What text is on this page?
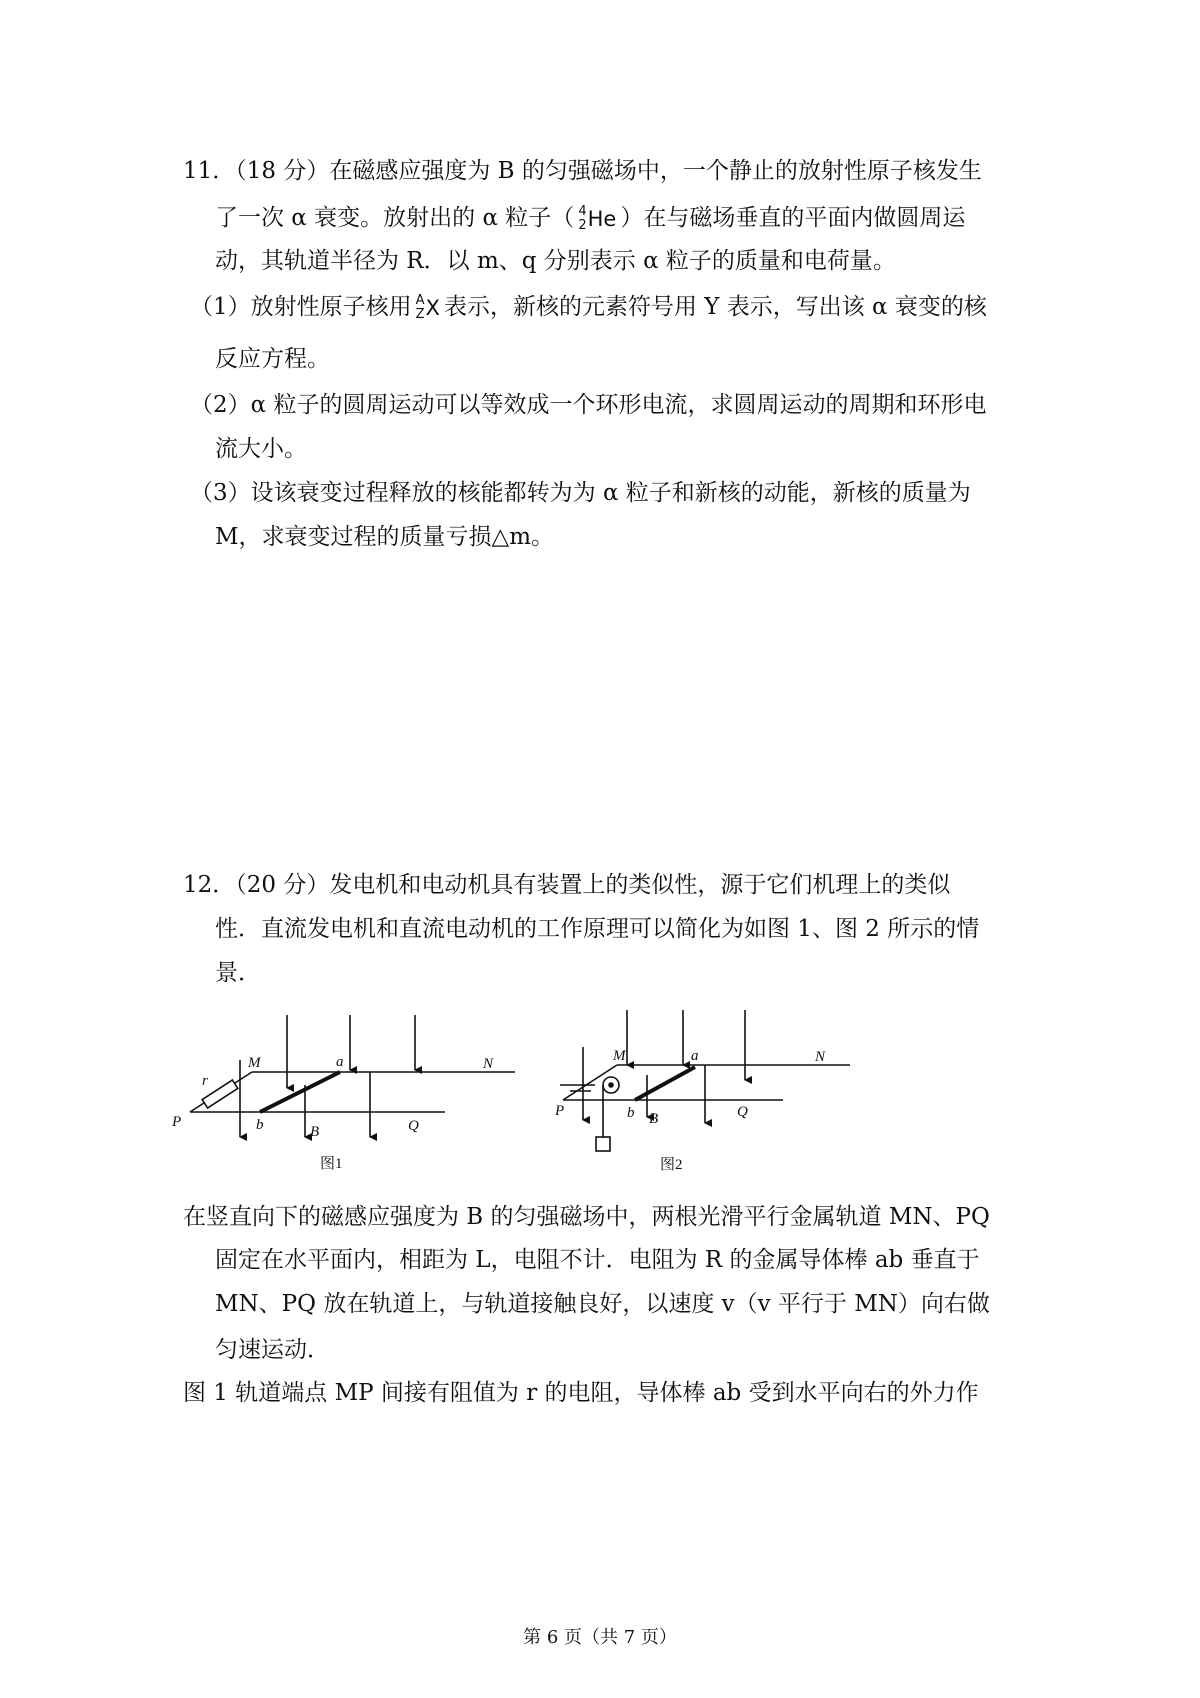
11．（18 分）在磁感应强度为 B 的匀强磁场中，一个静止的放射性原子核发生
了一次 α 衰变。放射出的 α 粒子（ 4
2 He ）在与磁场垂直的平面内做圆周运
动，其轨道半径为 R．以 m、q 分别表示 α 粒子的质量和电荷量。
（1）放射性原子核用 A
Z X 表示，新核的元素符号用 Y 表示，写出该 α 衰变的核
反应方程。
（2）α 粒子的圆周运动可以等效成一个环形电流，求圆周运动的周期和环形电
流大小。
（3）设该衰变过程释放的核能都转为为 α 粒子和新核的动能，新核的质量为
M，求衰变过程的质量亏损△m。
12．（20 分）发电机和电动机具有装置上的类似性，源于它们机理上的类似
性．直流发电机和直流电动机的工作原理可以简化为如图 1、图 2 所示的情
景．
M	N
P	Q
a
b	B
r
图1
M	N
P	Q
a
b B
图2
在竖直向下的磁感应强度为 B 的匀强磁场中，两根光滑平行金属轨道 MN、PQ
固定在水平面内，相距为 L，电阻不计．电阻为 R 的金属导体棒 ab 垂直于
MN、PQ 放在轨道上，与轨道接触良好，以速度 v（v 平行于 MN）向右做
匀速运动．
图 1 轨道端点 MP 间接有阻值为 r 的电阻，导体棒 ab 受到水平向右的外力作
第 6 页（共 7 页）
